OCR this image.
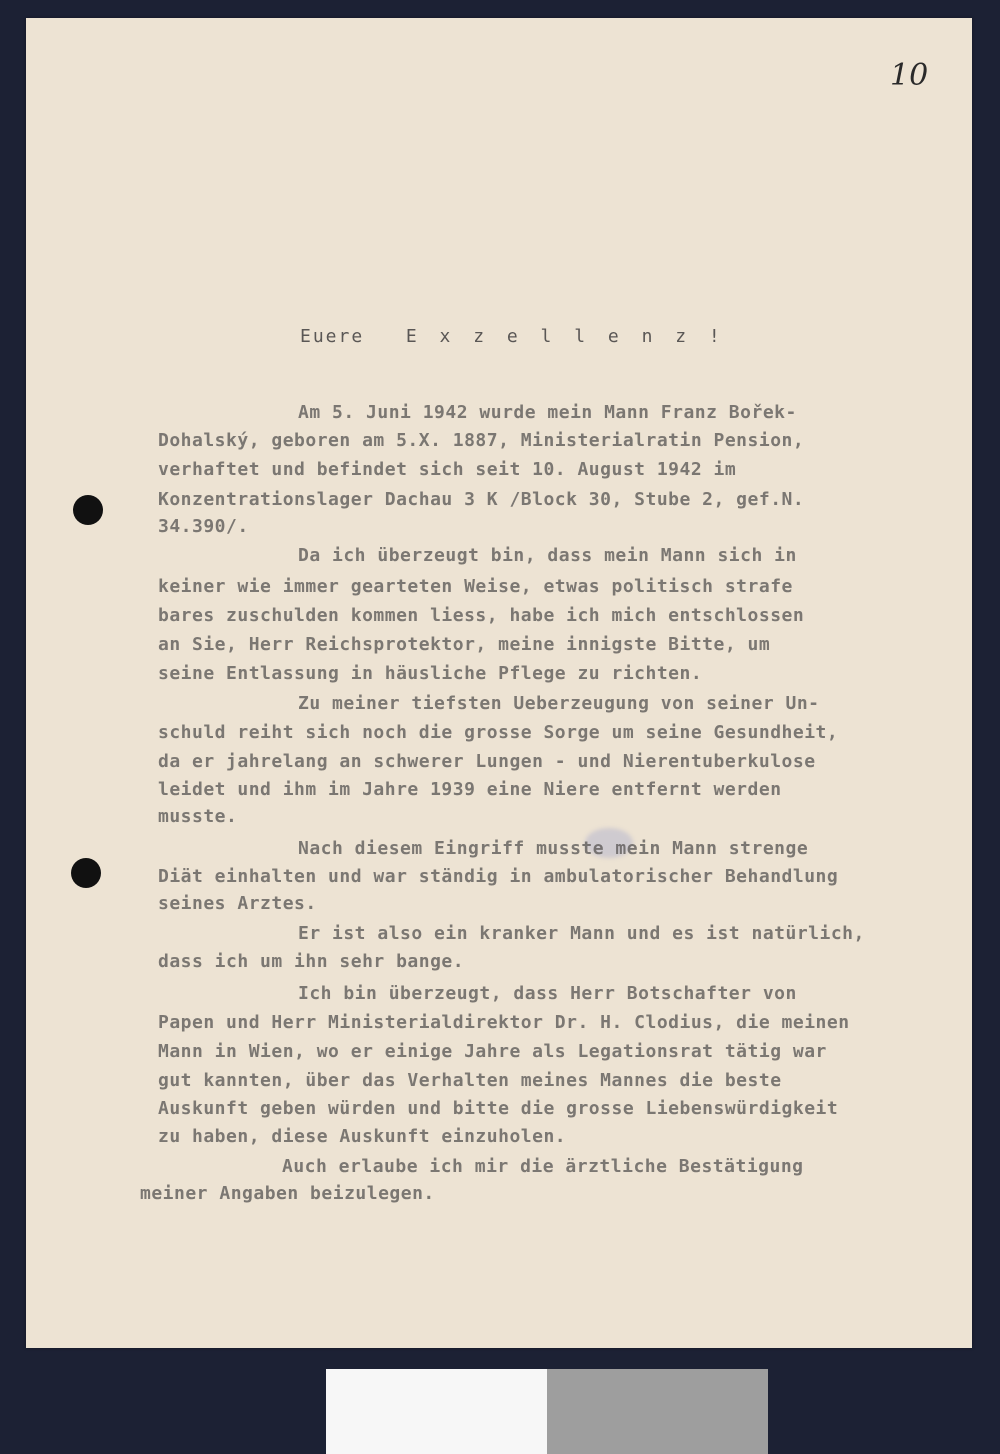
10
Euere  E x z e l l e n z !
Am 5. Juni 1942 wurde mein Mann Franz Bořek-
Dohalský, geboren am 5.X. 1887, Ministerialratin Pension,
verhaftet und befindet sich seit 10. August 1942 im
Konzentrationslager Dachau 3 K /Block 30, Stube 2, gef.N.
34.390/.
Da ich überzeugt bin, dass mein Mann sich in
keiner wie immer gearteten Weise, etwas politisch strafe
bares zuschulden kommen liess, habe ich mich entschlossen
an Sie, Herr Reichsprotektor, meine innigste Bitte, um
seine Entlassung in häusliche Pflege zu richten.
Zu meiner tiefsten Ueberzeugung von seiner Un-
schuld reiht sich noch die grosse Sorge um seine Gesundheit,
da er jahrelang an schwerer Lungen - und Nierentuberkulose
leidet und ihm im Jahre 1939 eine Niere entfernt werden
musste.
Nach diesem Eingriff musste mein Mann strenge
Diät einhalten und war ständig in ambulatorischer Behandlung
seines Arztes.
Er ist also ein kranker Mann und es ist natürlich,
dass ich um ihn sehr bange.
Ich bin überzeugt, dass Herr Botschafter von
Papen und Herr Ministerialdirektor Dr. H. Clodius, die meinen
Mann in Wien, wo er einige Jahre als Legationsrat tätig war
gut kannten, über das Verhalten meines Mannes die beste
Auskunft geben würden und bitte die grosse Liebenswürdigkeit
zu haben, diese Auskunft einzuholen.
Auch erlaube ich mir die ärztliche Bestätigung
meiner Angaben beizulegen.
